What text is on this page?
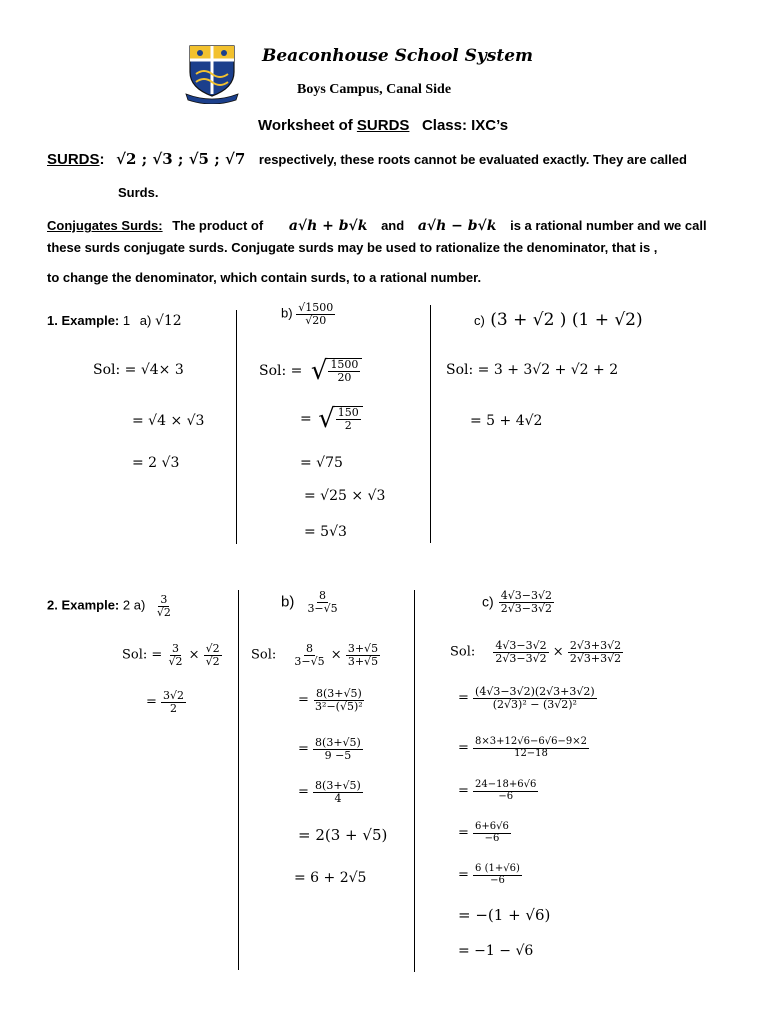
Beaconhouse School System
Boys Campus, Canal Side
Worksheet of SURDS Class: IXC’s
SURDS: √2 ; √3 ; √5 ; √7 respectively, these roots cannot be evaluated exactly. They are called
Surds.
Conjugates Surds: The product of a√h + b√k and a√h − b√k is a rational number and we call
these surds conjugate surds. Conjugate surds may be used to rationalize the denominator, that is ,
to change the denominator, which contain surds, to a rational number.
1. Example: 1 a) √12
Sol: = √4× 3
= √4 × √3
= 2 √3
$b) \frac{√1500}{√20}$
Sol: = √ $\frac{1500}{20}$
= √ $\frac{150}{2}$
= √75
= √25 × √3
= 5√3
c) (3 + √2 ) (1 + √2)
Sol: = 3 + 3√2 + √2 + 2
= 5 + 4√2
2. Example: 2 $a) \frac{3}{√2}$
Sol: = $\frac{3}{√2} \times \frac{√2}{√2}$
= $\frac{3√2}{2}$
$b) \frac{8}{3-√5}$
Sol: $\frac{8}{3-√5} \times \frac{3+√5}{3+√5}$
= $\frac{8(3+√5)}{\text{3²−(√5)²}}$
= $\frac{8(3+√5)}{9 -5}$
= $\frac{8(3+√5)}{4}$
= 2(3 + √5)
= 6 + 2√5
$c) \frac{4√3-3√2}{2√3-3√2}$
Sol: $\frac{4√3-3√2}{2√3-3√2} \times \frac{2√3+3√2}{2√3+3√2}$
= $\frac{(4√3-3√2)(2√3+3√2)}{\text{(2√3)² − (3√2)²}}$
= $\frac{8\times 3+12√6-6√6-9\times 2}{12-18}$
= $\frac{24-18+6√6}{-6}$
= $\frac{6+6√6}{-6}$
= $\frac{6 (1+√6)}{-6}$
= −(1 + √6)
= −1 − √6
